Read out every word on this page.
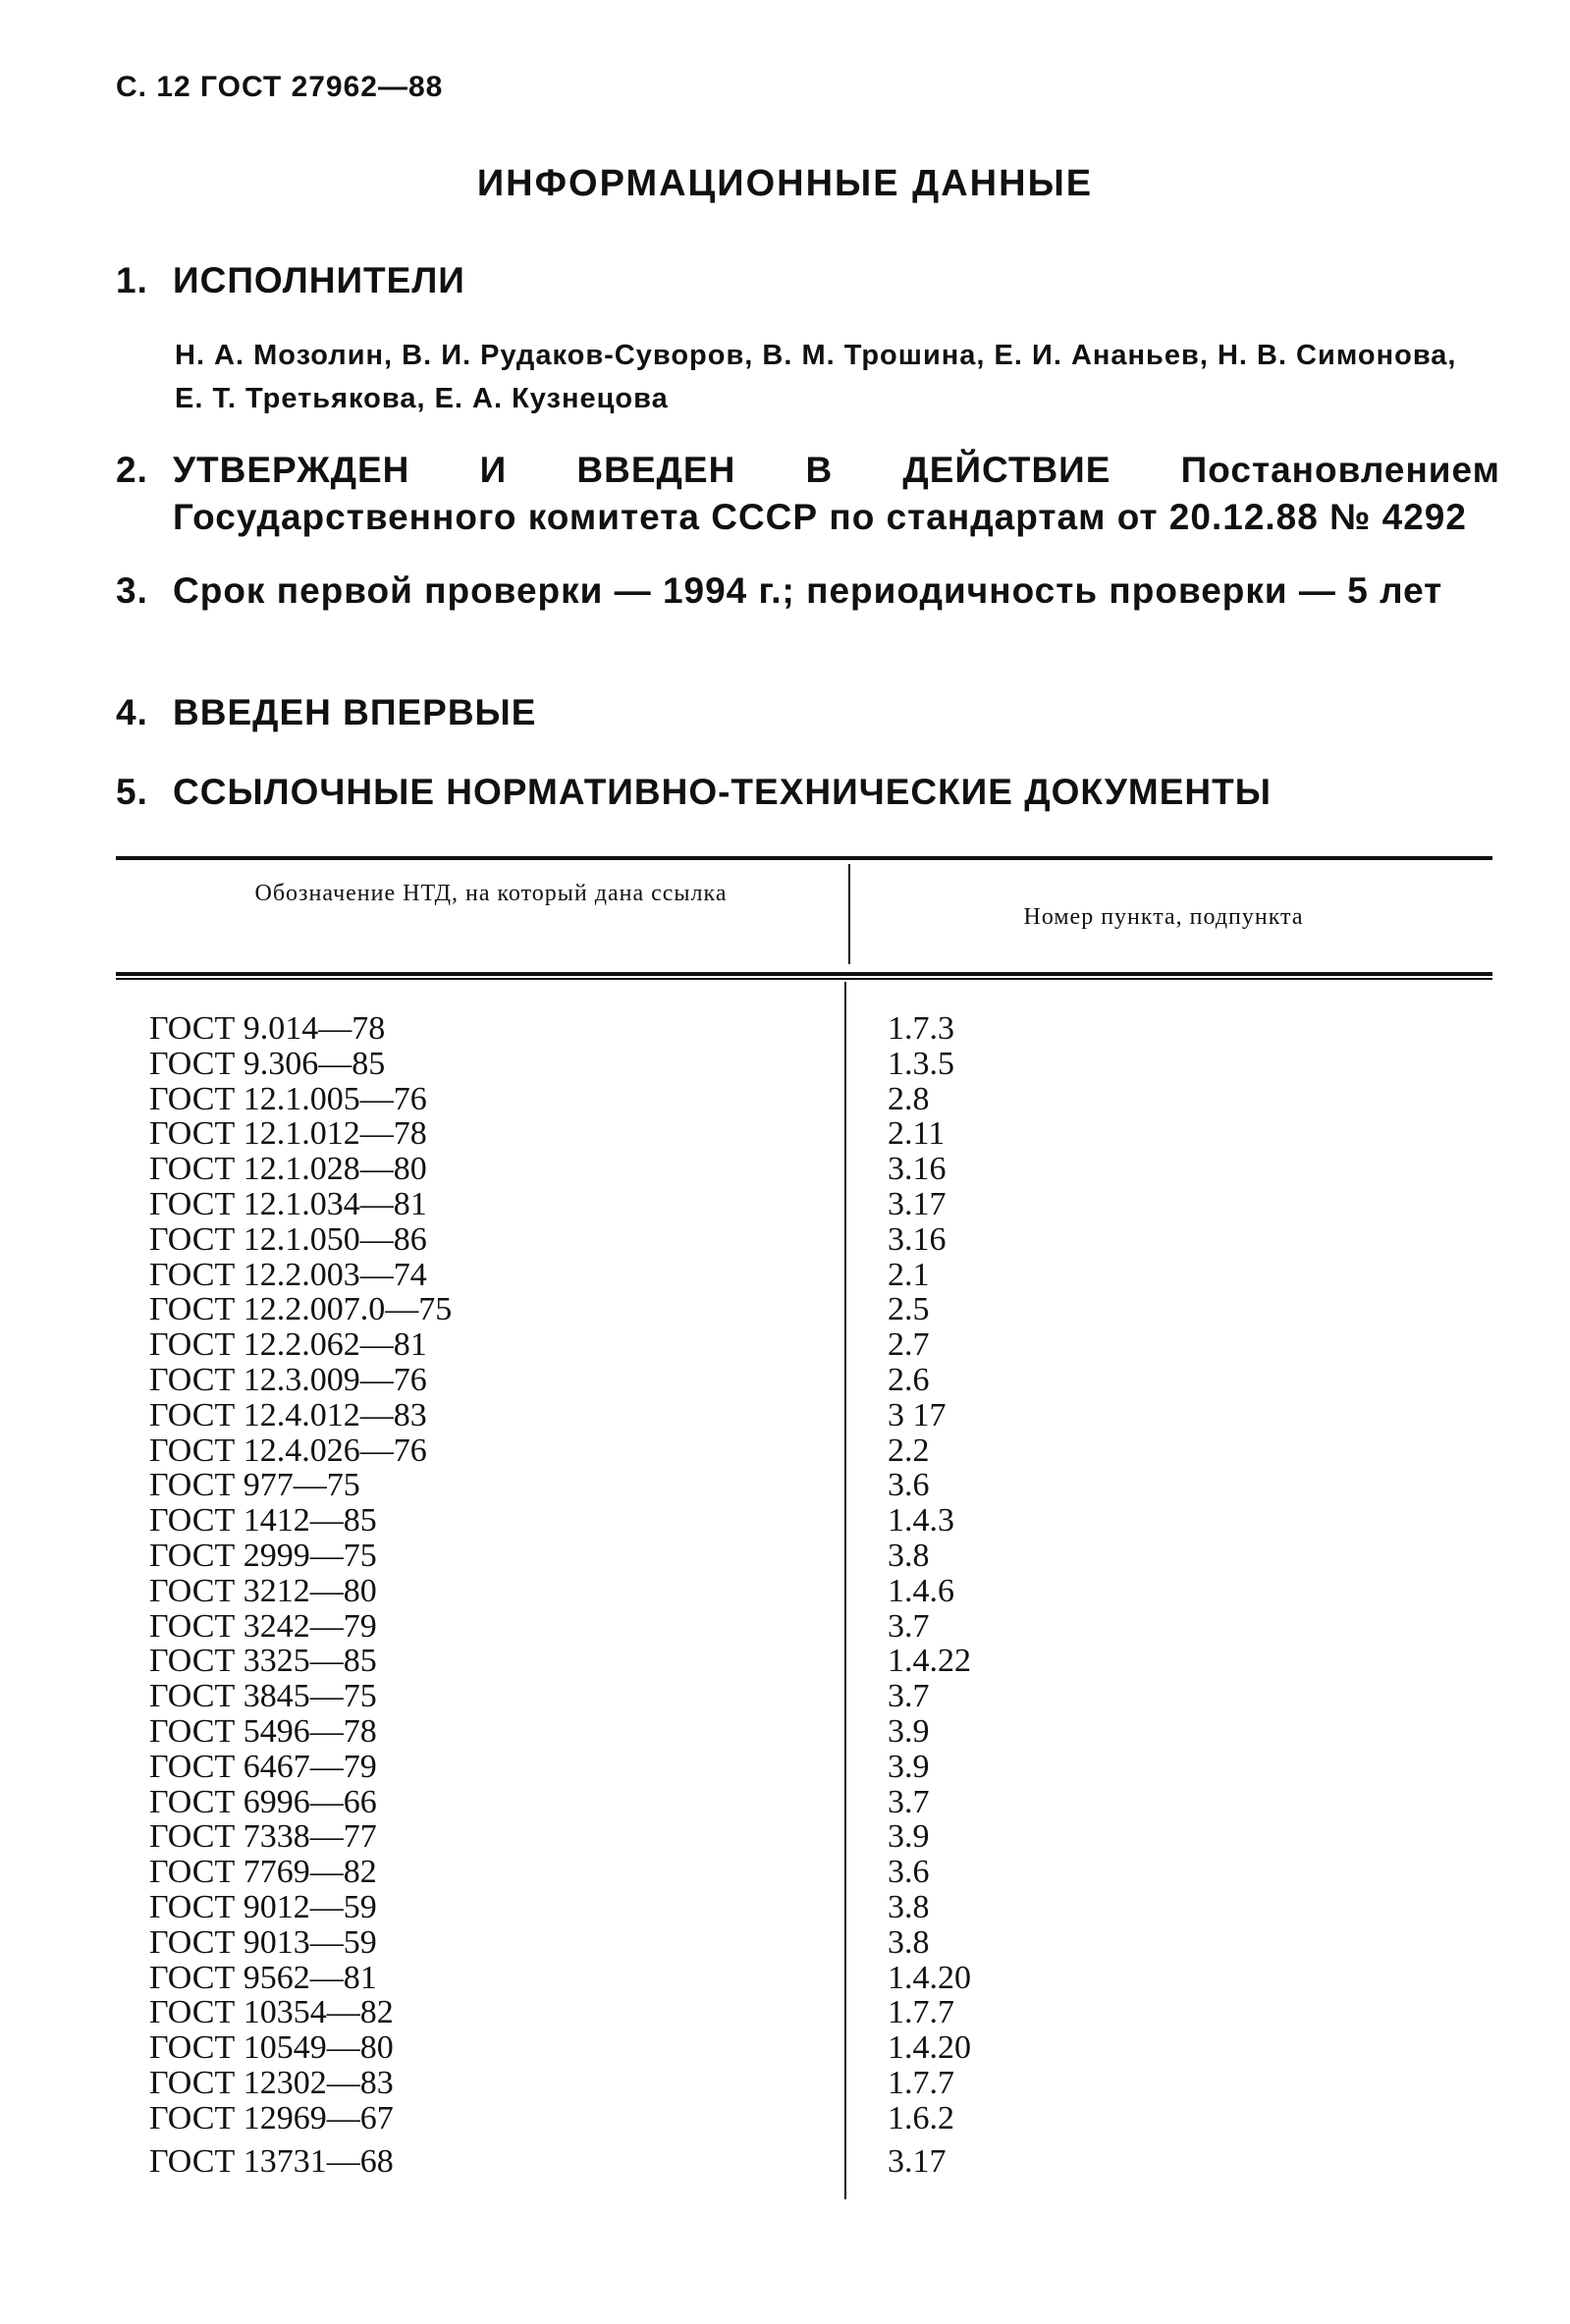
С. 12 ГОСТ 27962—88
ИНФОРМАЦИОННЫЕ ДАННЫЕ
1. ИСПОЛНИТЕЛИ
Н. А. Мозолин, В. И. Рудаков-Суворов, В. М. Трошина, Е. И. Ананьев, Н. В. Симонова, Е. Т. Третьякова, Е. А. Кузнецова
2. УТВЕРЖДЕН И ВВЕДЕН В ДЕЙСТВИЕ Постановлением Государственного комитета СССР по стандартам от 20.12.88 № 4292
3. Срок первой проверки — 1994 г.; периодичность проверки — 5 лет
4. ВВЕДЕН ВПЕРВЫЕ
5. ССЫЛОЧНЫЕ НОРМАТИВНО-ТЕХНИЧЕСКИЕ ДОКУМЕНТЫ
Обозначение НТД, на который дана ссылка
Номер пункта, подпункта
ГОСТ 9.014—78	1.7.3
ГОСТ 9.306—85	1.3.5
ГОСТ 12.1.005—76	2.8
ГОСТ 12.1.012—78	2.11
ГОСТ 12.1.028—80	3.16
ГОСТ 12.1.034—81	3.17
ГОСТ 12.1.050—86	3.16
ГОСТ 12.2.003—74	2.1
ГОСТ 12.2.007.0—75	2.5
ГОСТ 12.2.062—81	2.7
ГОСТ 12.3.009—76	2.6
ГОСТ 12.4.012—83	3 17
ГОСТ 12.4.026—76	2.2
ГОСТ 977—75	3.6
ГОСТ 1412—85	1.4.3
ГОСТ 2999—75	3.8
ГОСТ 3212—80	1.4.6
ГОСТ 3242—79	3.7
ГОСТ 3325—85	1.4.22
ГОСТ 3845—75	3.7
ГОСТ 5496—78	3.9
ГОСТ 6467—79	3.9
ГОСТ 6996—66	3.7
ГОСТ 7338—77	3.9
ГОСТ 7769—82	3.6
ГОСТ 9012—59	3.8
ГОСТ 9013—59	3.8
ГОСТ 9562—81	1.4.20
ГОСТ 10354—82	1.7.7
ГОСТ 10549—80	1.4.20
ГОСТ 12302—83	1.7.7
ГОСТ 12969—67	1.6.2
ГОСТ 13731—68	3.17
